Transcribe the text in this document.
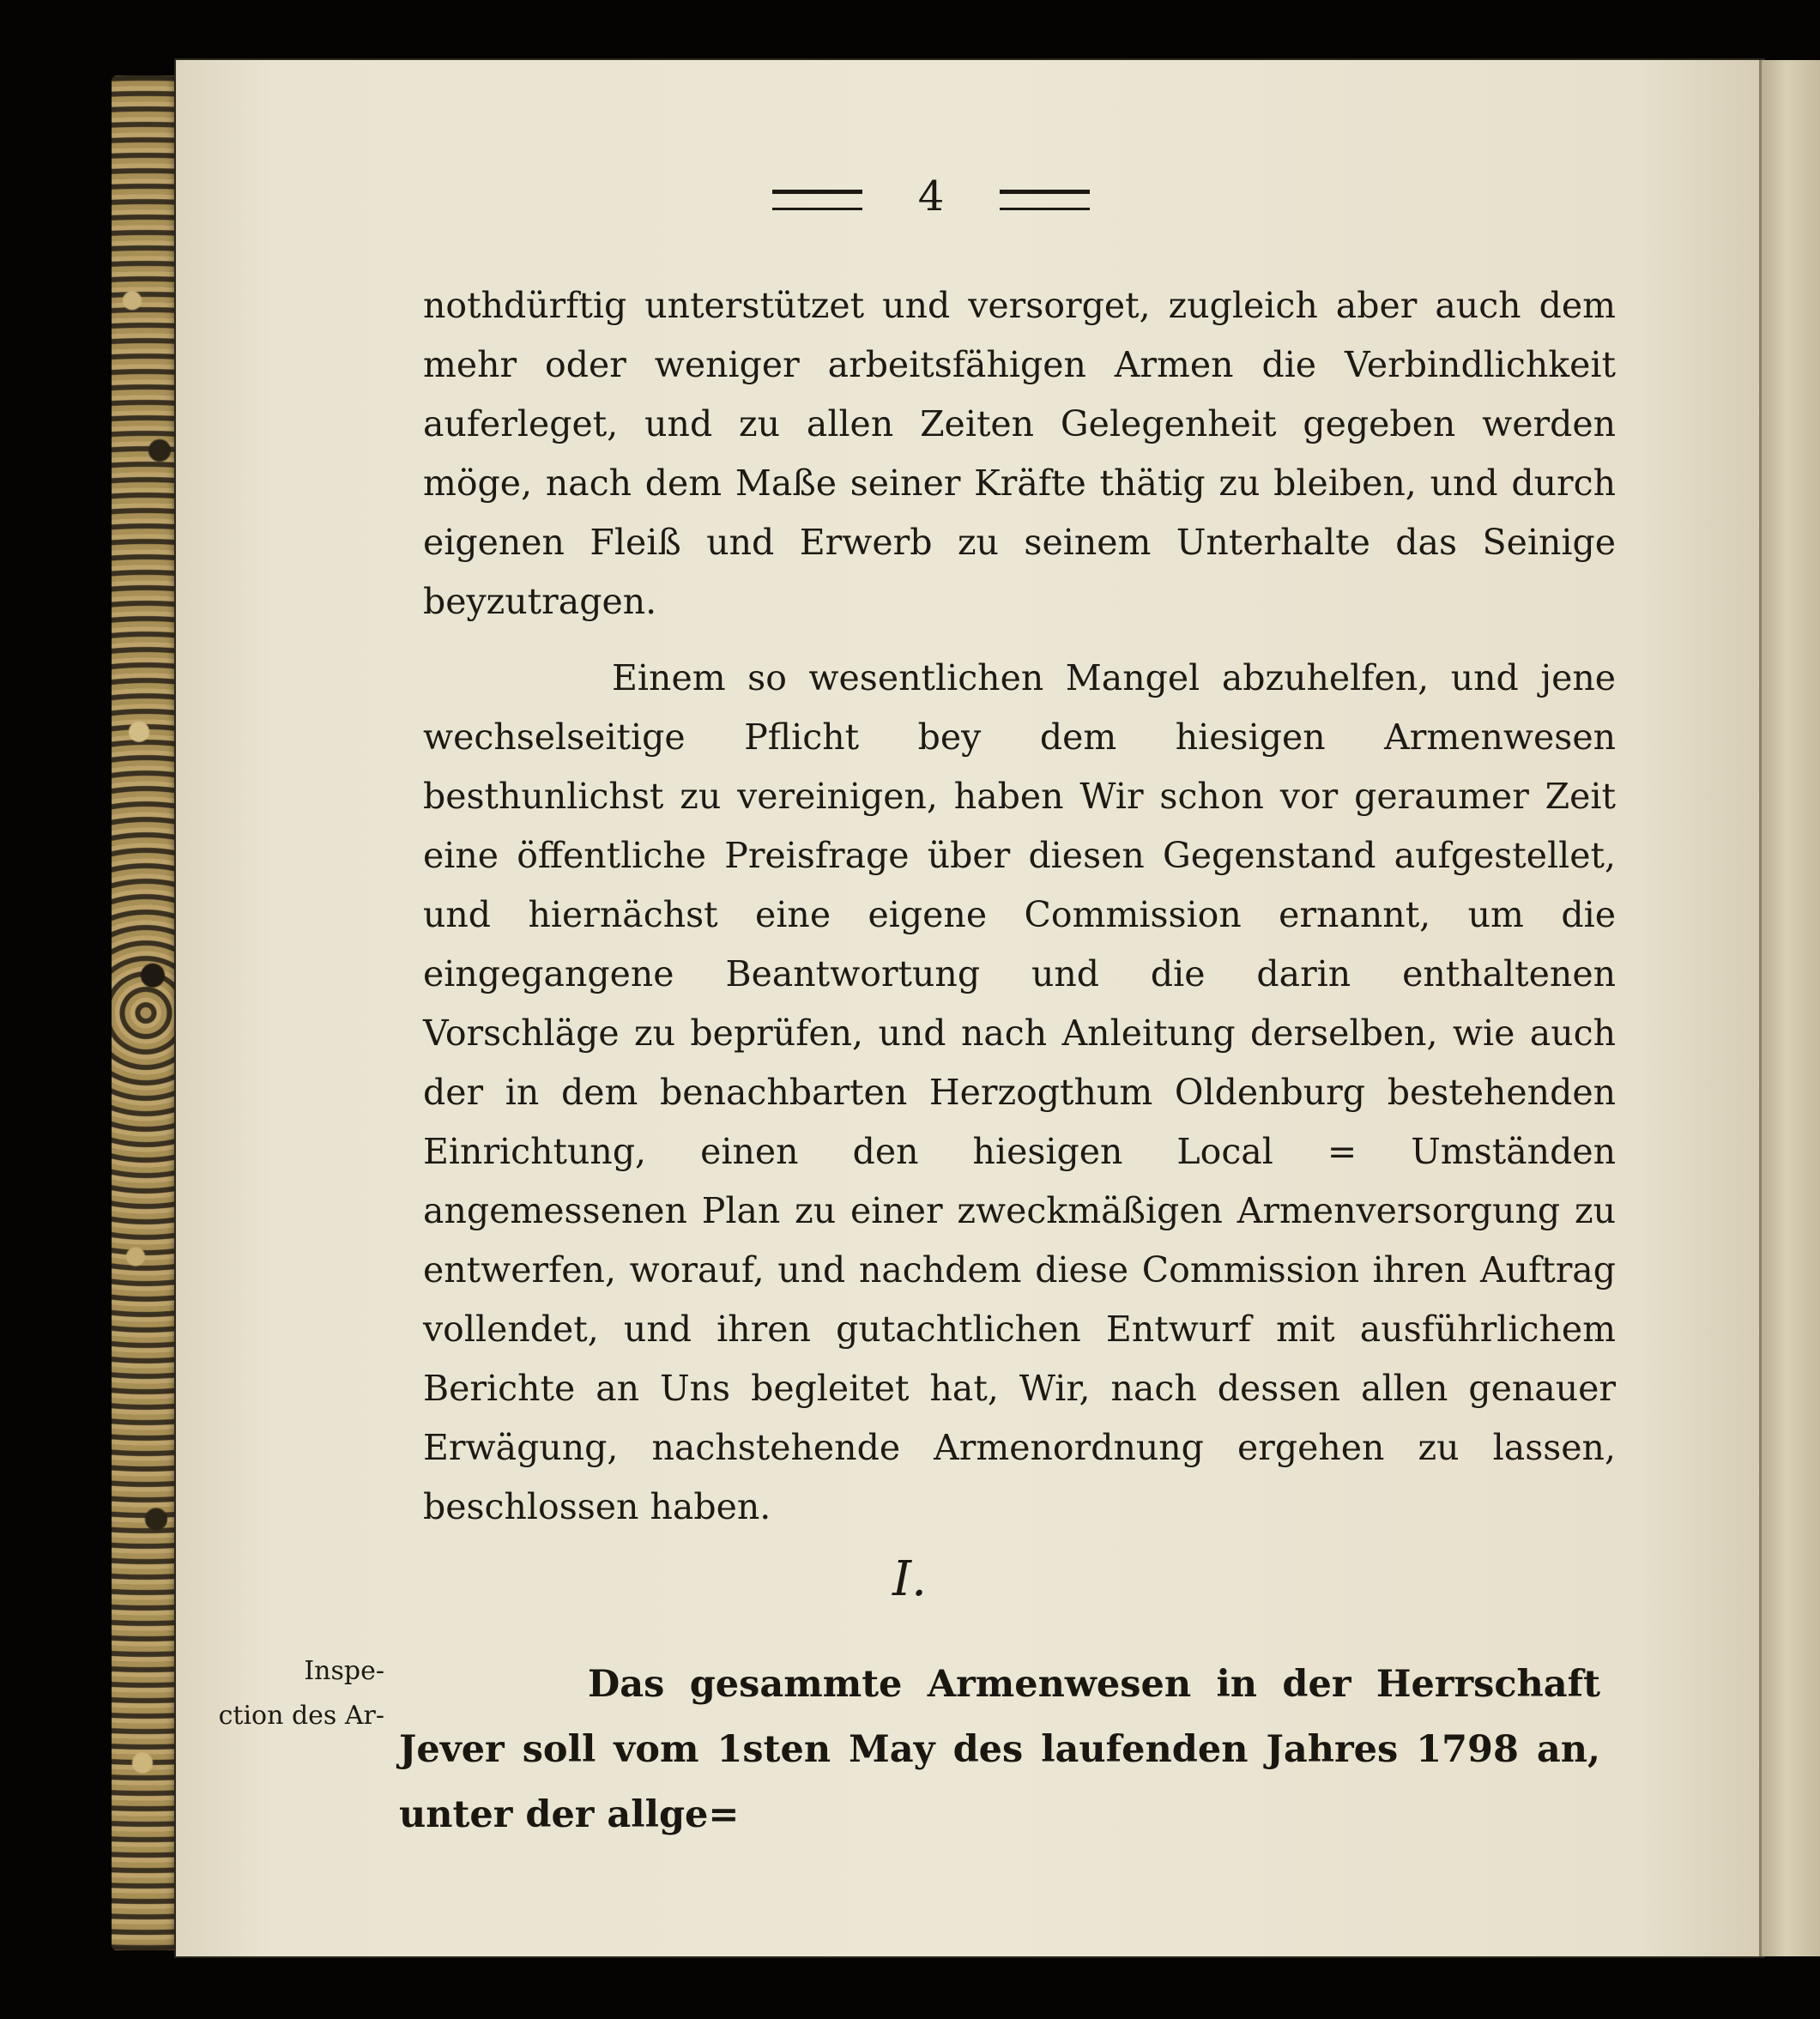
4

nothdürftig unterstützet und versorget, zugleich aber auch dem mehr oder weniger arbeitsfähigen Armen die Verbindlichkeit auferleget, und zu allen Zeiten Gelegenheit gegeben werden möge, nach dem Maße seiner Kräfte thätig zu bleiben, und durch eigenen Fleiß und Erwerb zu seinem Unterhalte das Seinige beyzutragen.

Einem so wesentlichen Mangel abzuhelfen, und jene wechselseitige Pflicht bey dem hiesigen Armenwesen besthunlichst zu vereinigen, haben Wir schon vor geraumer Zeit eine öffentliche Preisfrage über diesen Gegenstand aufgestellet, und hiernächst eine eigene Commission ernannt, um die eingegangene Beantwortung und die darin enthaltenen Vorschläge zu beprüfen, und nach Anleitung derselben, wie auch der in dem benachbarten Herzogthum Oldenburg bestehenden Einrichtung, einen den hiesigen Local = Umständen angemessenen Plan zu einer zweckmäßigen Armenversorgung zu entwerfen, worauf, und nachdem diese Commission ihren Auftrag vollendet, und ihren gutachtlichen Entwurf mit ausführlichem Berichte an Uns begleitet hat, Wir, nach dessen allen genauer Erwägung, nachstehende Armenordnung ergehen zu lassen, beschlossen haben.

I.
Inspe-
ction des Ar-

Das gesammte Armenwesen in der Herrschaft Jever soll vom 1sten May des laufenden Jahres 1798 an, unter der allge=
